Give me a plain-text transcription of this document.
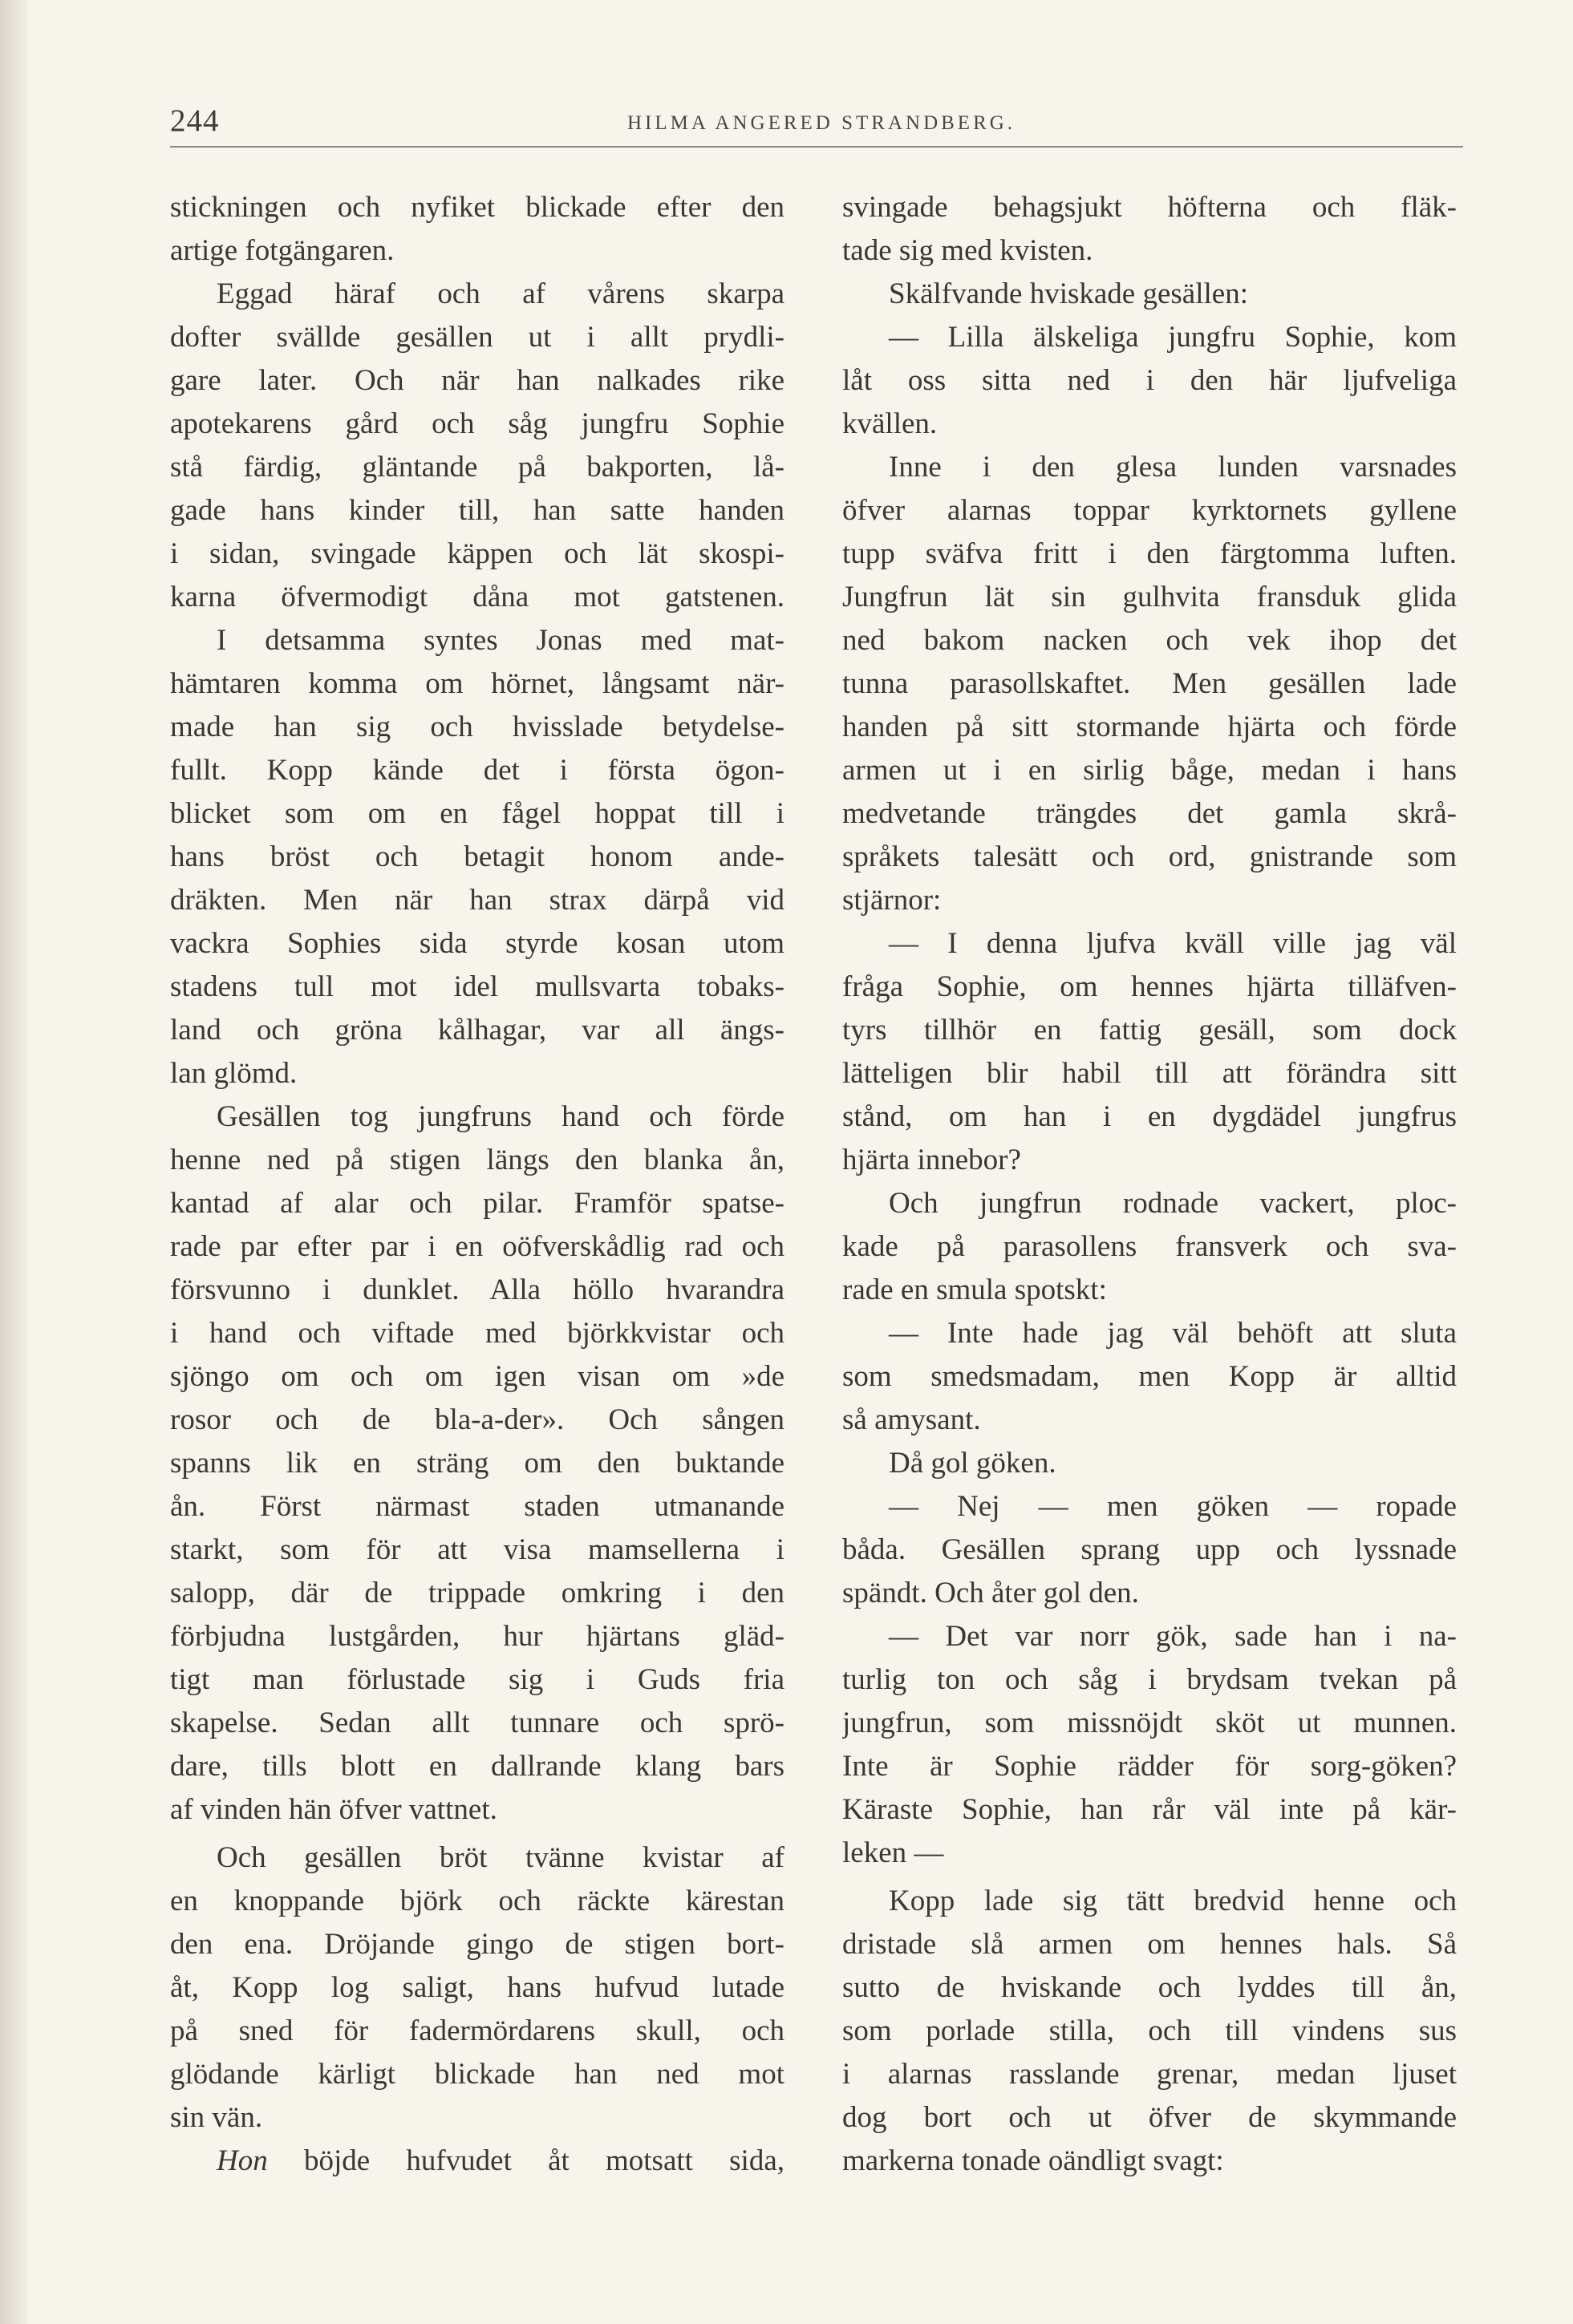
244	HILMA ANGERED STRANDBERG.
stickningen och nyfiket blickade efter den
artige fotgängaren.
Eggad häraf och af vårens skarpa
dofter svällde gesällen ut i allt prydli-
gare later. Och när han nalkades rike
apotekarens gård och såg jungfru Sophie
stå färdig, gläntande på bakporten, lå-
gade hans kinder till, han satte handen
i sidan, svingade käppen och lät skospi-
karna öfvermodigt dåna mot gatstenen.
I detsamma syntes Jonas med mat-
hämtaren komma om hörnet, långsamt när-
made han sig och hvisslade betydelse-
fullt. Kopp kände det i första ögon-
blicket som om en fågel hoppat till i
hans bröst och betagit honom ande-
dräkten. Men när han strax därpå vid
vackra Sophies sida styrde kosan utom
stadens tull mot idel mullsvarta tobaks-
land och gröna kålhagar, var all ängs-
lan glömd.
Gesällen tog jungfruns hand och förde
henne ned på stigen längs den blanka ån,
kantad af alar och pilar. Framför spatse-
rade par efter par i en oöfverskådlig rad och
försvunno i dunklet. Alla höllo hvarandra
i hand och viftade med björkkvistar och
sjöngo om och om igen visan om »de
rosor och de bla-a-der». Och sången
spanns lik en sträng om den buktande
ån. Först närmast staden utmanande
starkt, som för att visa mamsellerna i
salopp, där de trippade omkring i den
förbjudna lustgården, hur hjärtans gläd-
tigt man förlustade sig i Guds fria
skapelse. Sedan allt tunnare och sprö-
dare, tills blott en dallrande klang bars
af vinden hän öfver vattnet.
Och gesällen bröt tvänne kvistar af
en knoppande björk och räckte kärestan
den ena. Dröjande gingo de stigen bort-
åt, Kopp log saligt, hans hufvud lutade
på sned för fadermördarens skull, och
glödande kärligt blickade han ned mot
sin vän.
Hon böjde hufvudet åt motsatt sida,
svingade behagsjukt höfterna och fläk-
tade sig med kvisten.
Skälfvande hviskade gesällen:
— Lilla älskeliga jungfru Sophie, kom
låt oss sitta ned i den här ljufveliga
kvällen.
Inne i den glesa lunden varsnades
öfver alarnas toppar kyrktornets gyllene
tupp sväfva fritt i den färgtomma luften.
Jungfrun lät sin gulhvita fransduk glida
ned bakom nacken och vek ihop det
tunna parasollskaftet. Men gesällen lade
handen på sitt stormande hjärta och förde
armen ut i en sirlig båge, medan i hans
medvetande trängdes det gamla skrå-
språkets talesätt och ord, gnistrande som
stjärnor:
— I denna ljufva kväll ville jag väl
fråga Sophie, om hennes hjärta tilläfven-
tyrs tillhör en fattig gesäll, som dock
lätteligen blir habil till att förändra sitt
stånd, om han i en dygdädel jungfrus
hjärta innebor?
Och jungfrun rodnade vackert, ploc-
kade på parasollens fransverk och sva-
rade en smula spotskt:
— Inte hade jag väl behöft att sluta
som smedsmadam, men Kopp är alltid
så amysant.
Då gol göken.
— Nej — men göken — ropade
båda. Gesällen sprang upp och lyssnade
spändt. Och åter gol den.
— Det var norr gök, sade han i na-
turlig ton och såg i brydsam tvekan på
jungfrun, som missnöjdt sköt ut munnen.
Inte är Sophie rädder för sorg-göken?
Käraste Sophie, han rår väl inte på kär-
leken —
Kopp lade sig tätt bredvid henne och
dristade slå armen om hennes hals. Så
sutto de hviskande och lyddes till ån,
som porlade stilla, och till vindens sus
i alarnas rasslande grenar, medan ljuset
dog bort och ut öfver de skymmande
markerna tonade oändligt svagt:
